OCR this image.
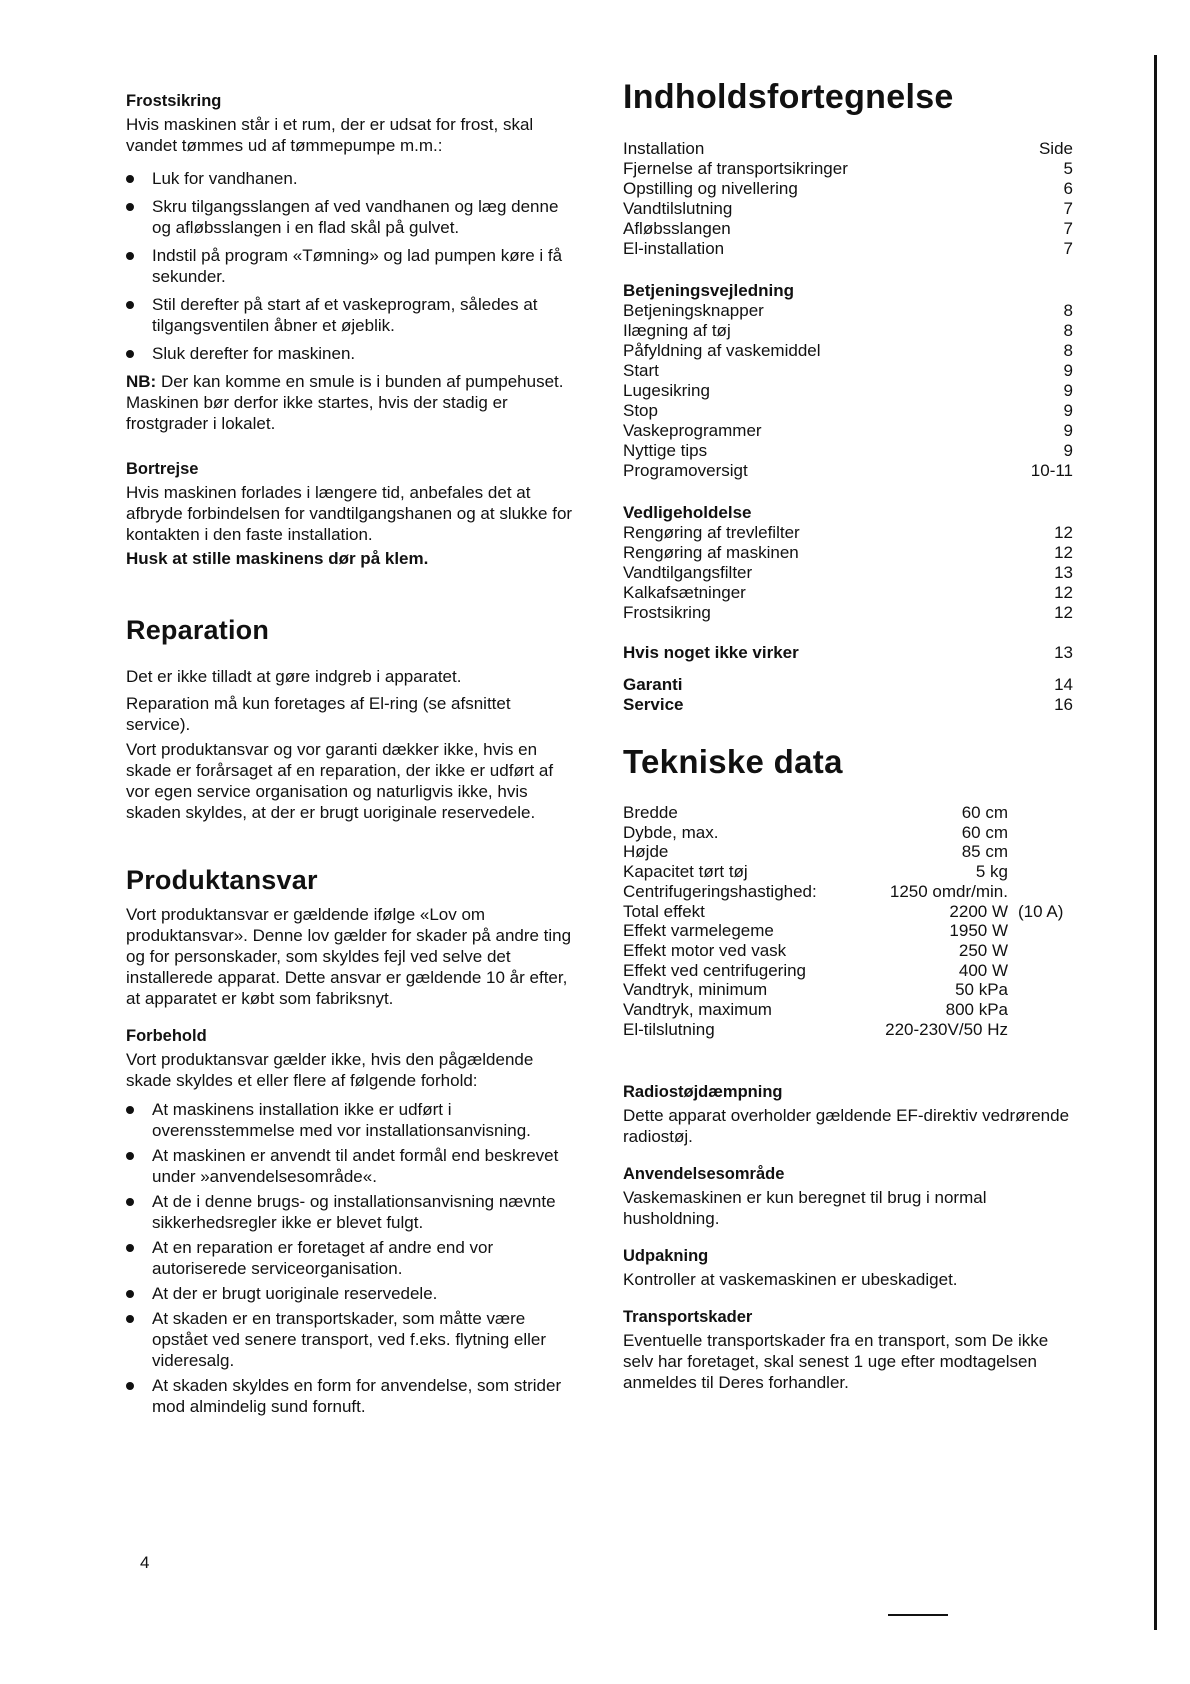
Frostsikring

Hvis maskinen står i et rum, der er udsat for frost, skal vandet tømmes ud af tømmepumpe m.m.:

Luk for vandhanen.
Skru tilgangsslangen af ved vandhanen og læg denne og afløbsslangen i en flad skål på gulvet.
Indstil på program «Tømning» og lad pumpen køre i få sekunder.
Stil derefter på start af et vaskeprogram, således at tilgangsventilen åbner et øjeblik.
Sluk derefter for maskinen.

NB: Der kan komme en smule is i bunden af pumpehuset. Maskinen bør derfor ikke startes, hvis der stadig er frostgrader i lokalet.

Bortrejse

Hvis maskinen forlades i længere tid, anbefales det at afbryde forbindelsen for vandtilgangshanen og at slukke for kontakten i den faste installation.

Husk at stille maskinens dør på klem.

Reparation

Det er ikke tilladt at gøre indgreb i apparatet.

Reparation må kun foretages af El-ring (se afsnittet service).

Vort produktansvar og vor garanti dækker ikke, hvis en skade er forårsaget af en reparation, der ikke er udført af vor egen service organisation og naturligvis ikke, hvis skaden skyldes, at der er brugt uoriginale reservedele.

Produktansvar

Vort produktansvar er gældende ifølge «Lov om produktansvar». Denne lov gælder for skader på andre ting og for personskader, som skyldes fejl ved selve det installerede apparat. Dette ansvar er gældende 10 år efter, at apparatet er købt som fabriksnyt.

Forbehold

Vort produktansvar gælder ikke, hvis den pågældende skade skyldes et eller flere af følgende forhold:

At maskinens installation ikke er udført i overensstemmelse med vor installationsanvisning.
At maskinen er anvendt til andet formål end beskrevet under »anvendelsesområde«.
At de i denne brugs- og installationsanvisning nævnte sikkerhedsregler ikke er blevet fulgt.
At en reparation er foretaget af andre end vor autoriserede serviceorganisation.
At der er brugt uoriginale reservedele.
At skaden er en transportskader, som måtte være opstået ved senere transport, ved f.eks. flytning eller videresalg.
At skaden skyldes en form for anvendelse, som strider mod almindelig sund fornuft.

Indholdsfortegnelse

Installation	Side
Fjernelse af transportsikringer	5
Opstilling og nivellering	6
Vandtilslutning	7
Afløbsslangen	7
El-installation	7
Betjeningsvejledning
Betjeningsknapper	8
Ilægning af tøj	8
Påfyldning af vaskemiddel	8
Start	9
Lugesikring	9
Stop	9
Vaskeprogrammer	9
Nyttige tips	9
Programoversigt	10-11
Vedligeholdelse
Rengøring af trevlefilter	12
Rengøring af maskinen	12
Vandtilgangsfilter	13
Kalkafsætninger	12
Frostsikring	12
Hvis noget ikke virker	13
Garanti	14
Service	16

Tekniske data

Bredde	60 cm
Dybde, max.	60 cm
Højde	85 cm
Kapacitet tørt tøj	5 kg
Centrifugeringshastighed:	1250 omdr/min.
Total effekt	2200 W (10 A)
Effekt varmelegeme	1950 W
Effekt motor ved vask	250 W
Effekt ved centrifugering	400 W
Vandtryk, minimum	50 kPa
Vandtryk, maximum	800 kPa
El-tilslutning	220-230V/50 Hz

Radiostøjdæmpning

Dette apparat overholder gældende EF-direktiv vedrørende radiostøj.

Anvendelsesområde

Vaskemaskinen er kun beregnet til brug i normal husholdning.

Udpakning

Kontroller at vaskemaskinen er ubeskadiget.

Transportskader

Eventuelle transportskader fra en transport, som De ikke selv har foretaget, skal senest 1 uge efter modtagelsen anmeldes til Deres forhandler.

4
